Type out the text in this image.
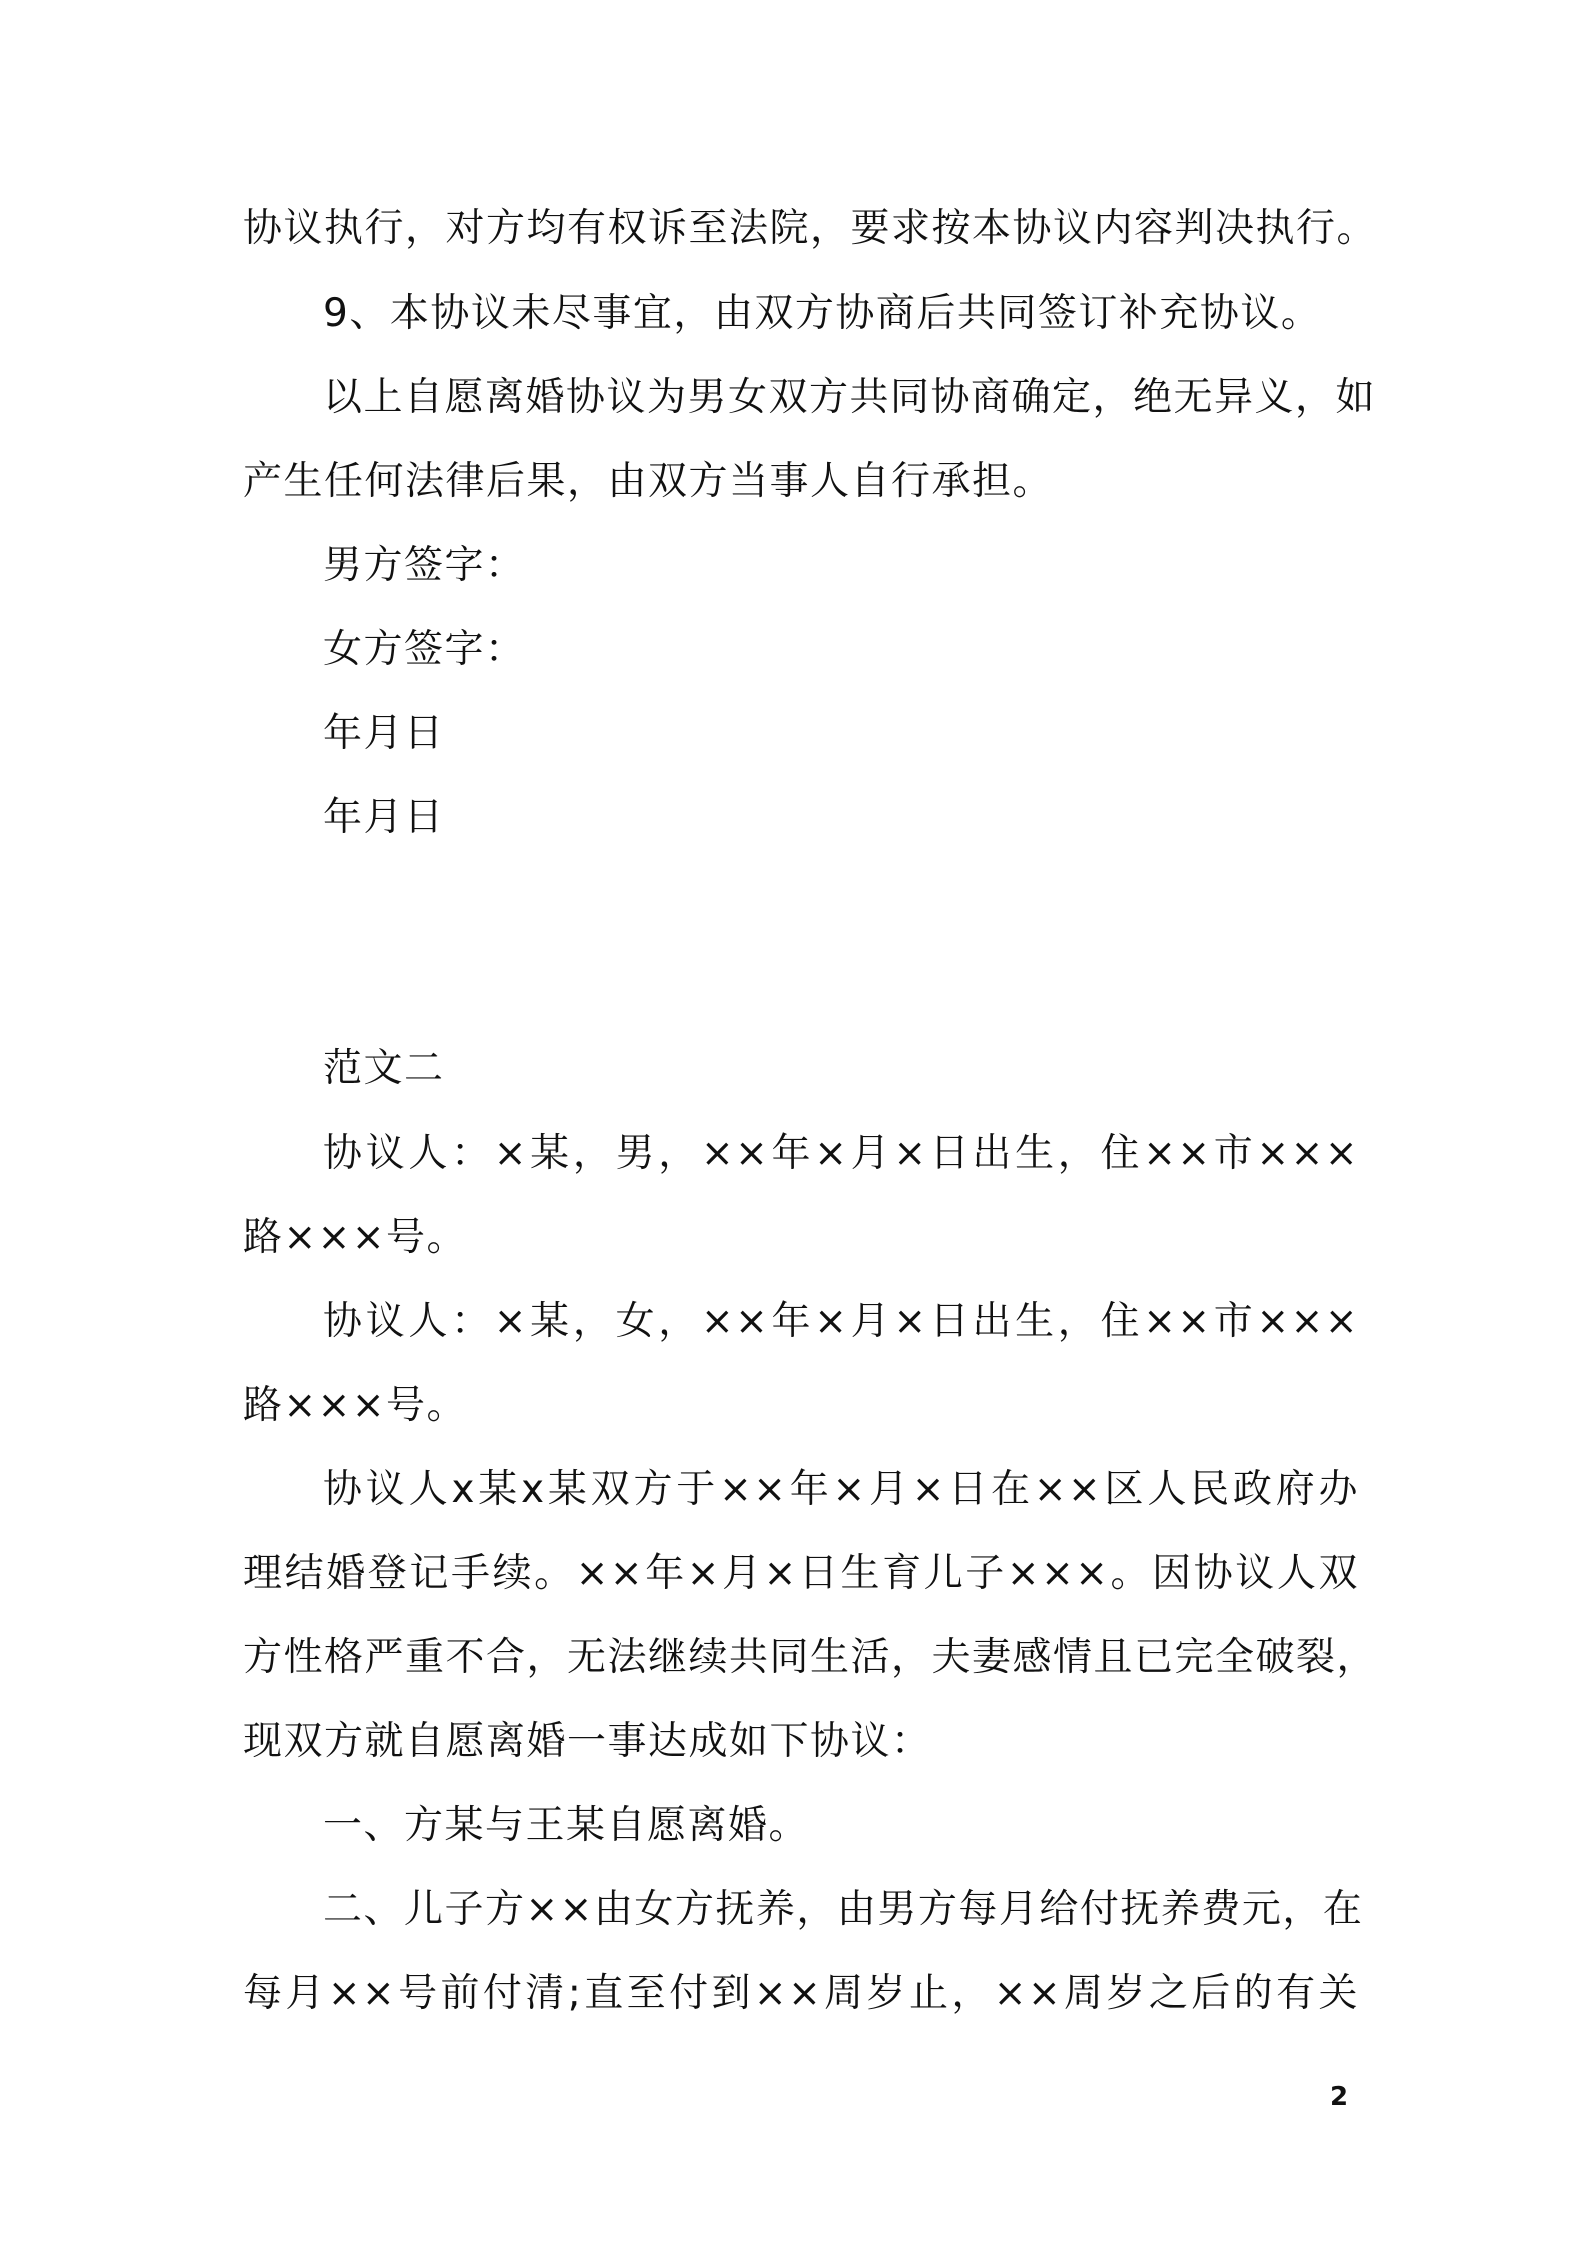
协议执行，对方均有权诉至法院，要求按本协议内容判决执行。
9、本协议未尽事宜，由双方协商后共同签订补充协议。
以上自愿离婚协议为男女双方共同协商确定，绝无异义，如
产生任何法律后果，由双方当事人自行承担。
男方签字：
女方签字：
年月日
年月日
范文二
协议人：×某，男，××年×月×日出生，住××市×××
路×××号。
协议人：×某，女，××年×月×日出生，住××市×××
路×××号。
协议人x某x某双方于××年×月×日在××区人民政府办
理结婚登记手续。××年×月×日生育儿子×××。因协议人双
方性格严重不合，无法继续共同生活，夫妻感情且已完全破裂，
现双方就自愿离婚一事达成如下协议：
一、方某与王某自愿离婚。
二、儿子方××由女方抚养，由男方每月给付抚养费元，在
每月××号前付清;直至付到××周岁止，××周岁之后的有关
2
